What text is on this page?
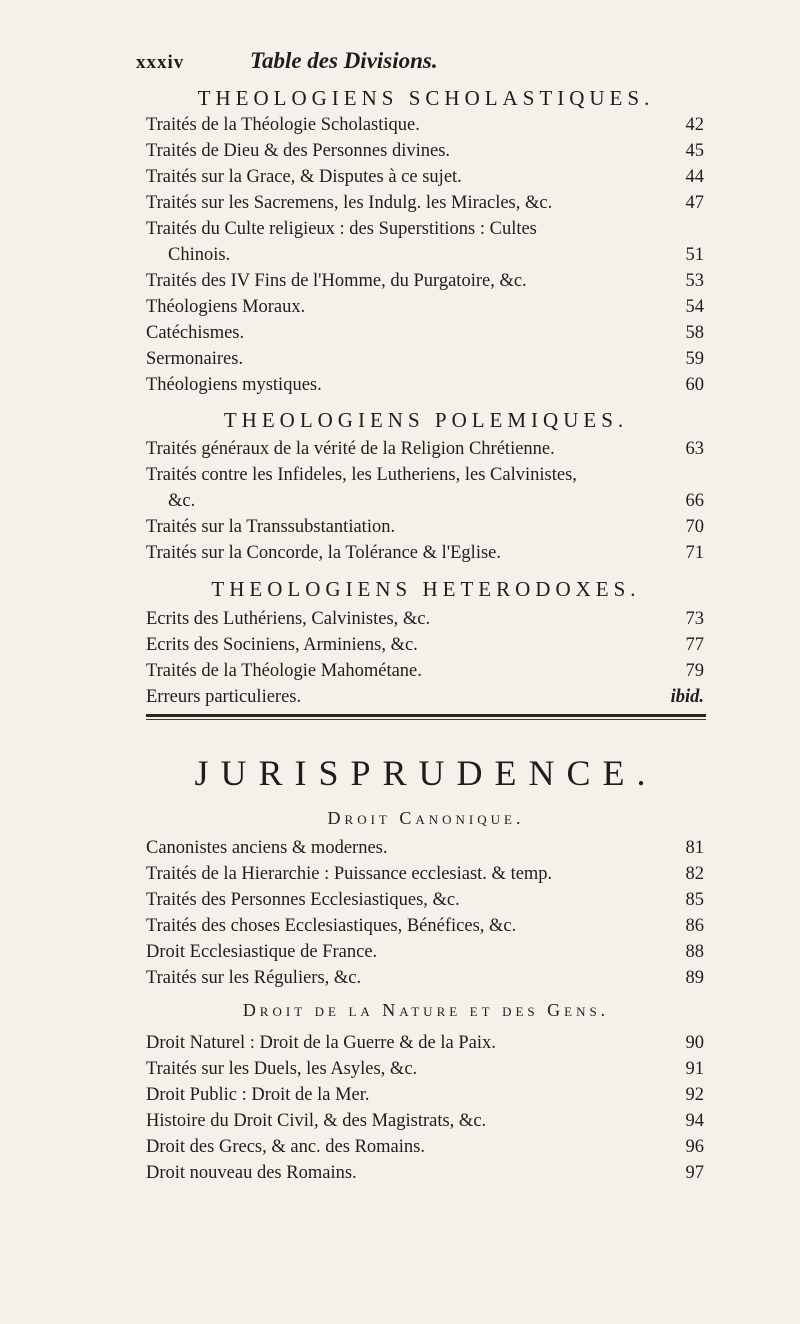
xxxiv	Table des Divisions.
THEOLOGIENS SCHOLASTIQUES.
Traités de la Théologie Scholastique.	42
Traités de Dieu & des Personnes divines.	45
Traités sur la Grace, & Disputes à ce sujet.	44
Traités sur les Sacremens, les Indulg. les Miracles, &c.	47
Traités du Culte religieux : des Superstitions : Cultes
Chinois.	51
Traités des IV Fins de l'Homme, du Purgatoire, &c.	53
Théologiens Moraux.	54
Catéchismes.	58
Sermonaires.	59
Théologiens mystiques.	60
THEOLOGIENS POLEMIQUES.
Traités généraux de la vérité de la Religion Chrétienne.	63
Traités contre les Infideles, les Lutheriens, les Calvinistes,
&c.	66
Traités sur la Transsubstantiation.	70
Traités sur la Concorde, la Tolérance & l'Eglise.	71
THEOLOGIENS HETERODOXES.
Ecrits des Luthériens, Calvinistes, &c.	73
Ecrits des Sociniens, Arminiens, &c.	77
Traités de la Théologie Mahométane.	79
Erreurs particulieres.	ibid.
JURISPRUDENCE.
Droit Canonique.
Canonistes anciens & modernes.	81
Traités de la Hierarchie : Puissance ecclesiast. & temp.	82
Traités des Personnes Ecclesiastiques, &c.	85
Traités des choses Ecclesiastiques, Bénéfices, &c.	86
Droit Ecclesiastique de France.	88
Traités sur les Réguliers, &c.	89
Droit de la Nature et des Gens.
Droit Naturel : Droit de la Guerre & de la Paix.	90
Traités sur les Duels, les Asyles, &c.	91
Droit Public : Droit de la Mer.	92
Histoire du Droit Civil, & des Magistrats, &c.	94
Droit des Grecs, & anc. des Romains.	96
Droit nouveau des Romains.	97
